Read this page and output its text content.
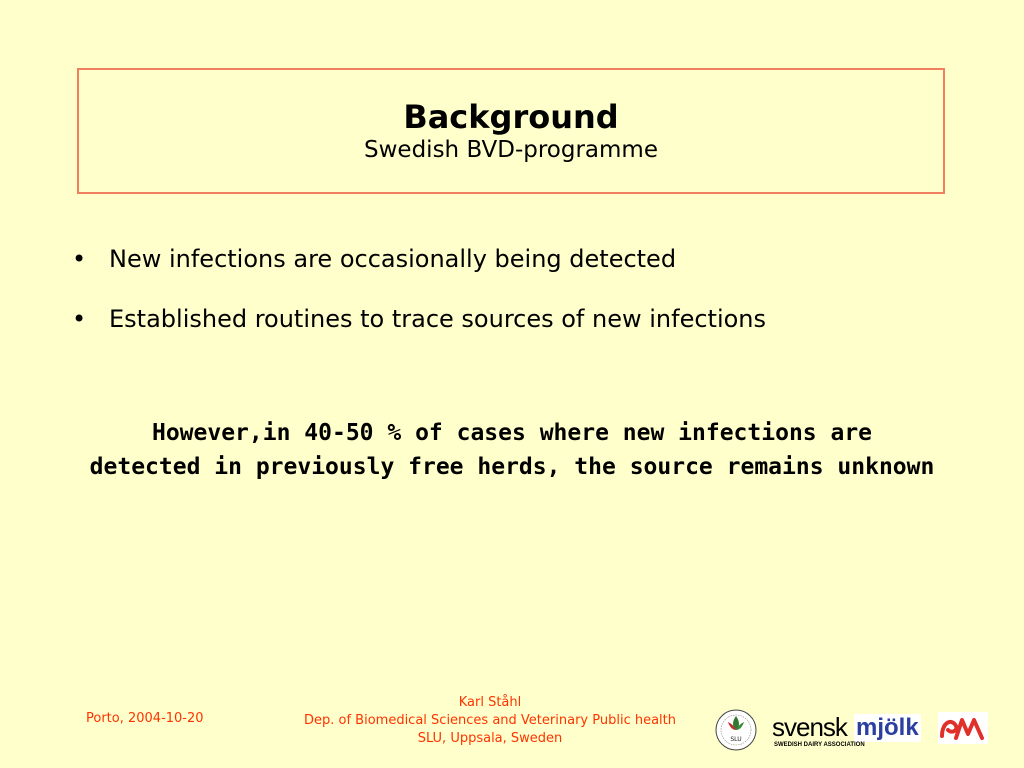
Background
Swedish BVD-programme
• New infections are occasionally being detected
• Established routines to trace sources of new infections
However,in 40-50 % of cases where new infections are
detected in previously free herds, the source remains unknown
Porto, 2004-10-20
Karl Ståhl
Dep. of Biomedical Sciences and Veterinary Public health
SLU, Uppsala, Sweden	SLU svensk mjölk
SWEDISH DAIRY ASSOCIATION
